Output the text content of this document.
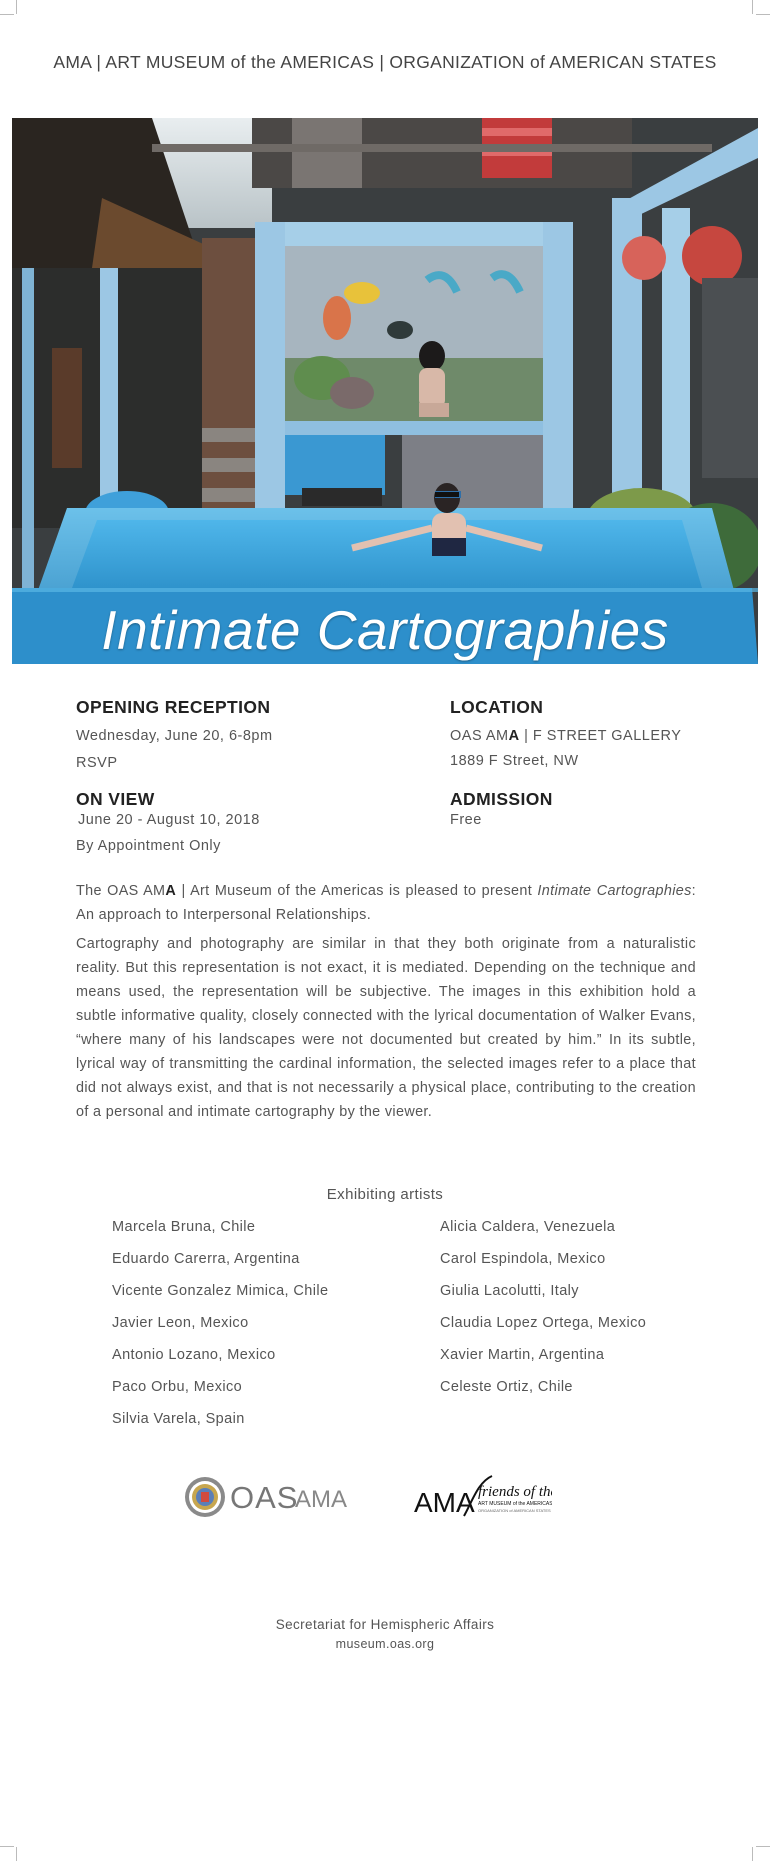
AMA | ART MUSEUM of the AMERICAS | ORGANIZATION of AMERICAN STATES
Intimate Cartographies
OPENING RECEPTION
Wednesday, June 20, 6-8pm
RSVP
LOCATION
OAS AMA | F STREET GALLERY
1889 F Street, NW
ON VIEW
June 20 - August 10, 2018
By Appointment Only
ADMISSION
Free
The OAS AMA | Art Museum of the Americas is pleased to present Intimate Cartographies: An approach to Interpersonal Relationships.
Cartography and photography are similar in that they both originate from a naturalistic reality. But this representation is not exact, it is mediated. Depending on the technique and means used, the representation will be subjective. The images in this exhibition hold a subtle informative quality, closely connected with the lyrical documentation of Walker Evans, “where many of his landscapes were not documented but created by him.” In its subtle, lyrical way of transmitting the cardinal information, the selected images refer to a place that did not always exist, and that is not necessarily a physical place, contributing to the creation of a personal and intimate cartography by the viewer.
Exhibiting artists
Marcela Bruna, Chile
Eduardo Carerra, Argentina
Vicente Gonzalez Mimica, Chile
Javier Leon, Mexico
Antonio Lozano, Mexico
Paco Orbu, Mexico
Silvia Varela, Spain
Alicia Caldera, Venezuela
Carol Espindola, Mexico
Giulia Lacolutti, Italy
Claudia Lopez Ortega, Mexico
Xavier Martin, Argentina
Celeste Ortiz, Chile
OAS
AMA AMA friends of the
ART MUSEUM of the AMERICAS
ORGANIZATION of AMERICAN STATES
Secretariat for Hemispheric Affairs
museum.oas.org
